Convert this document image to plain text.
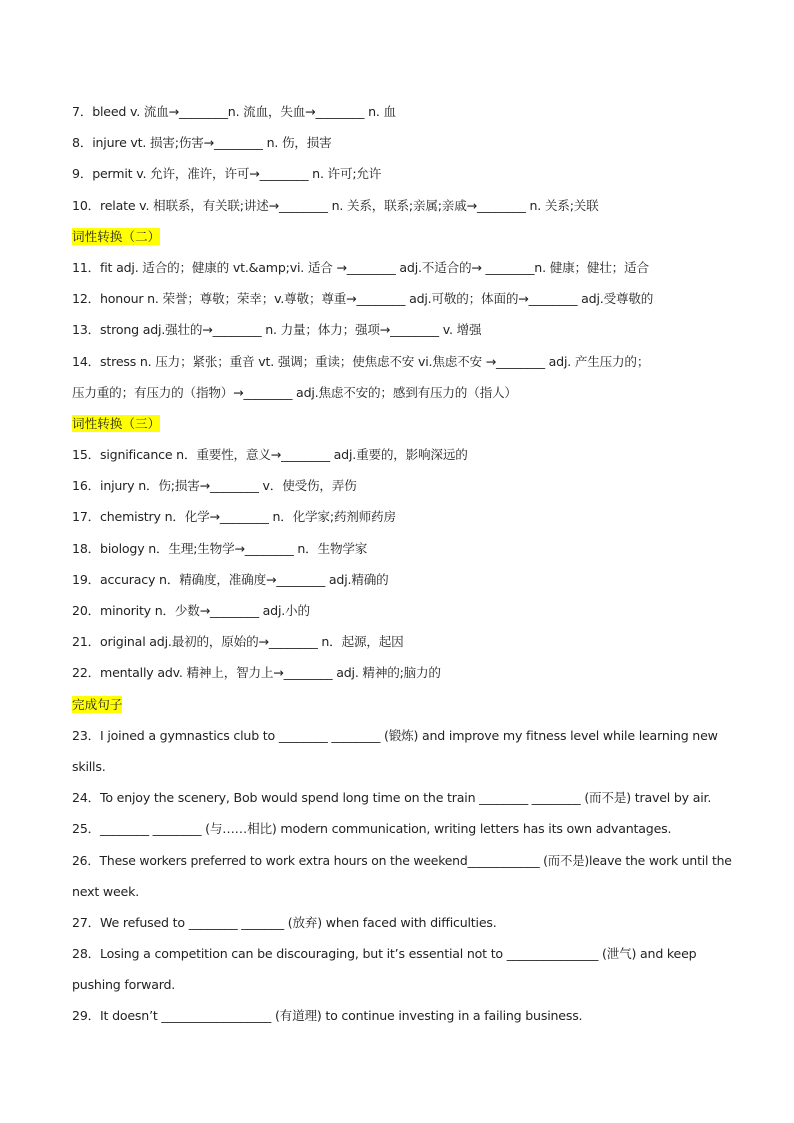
7．bleed v. 流血→________n. 流血，失血→________ n. 血
8．injure vt. 损害;伤害→________ n. 伤，损害
9．permit v. 允许，准许，许可→________ n. 许可;允许
10．relate v. 相联系，有关联;讲述→________ n. 关系，联系;亲属;亲戚→________ n. 关系;关联
词性转换（二）
11．fit adj. 适合的；健康的 vt.&amp;vi. 适合 →________ adj.不适合的→ ________n. 健康；健壮；适合
12．honour n. 荣誉；尊敬；荣幸；v.尊敬；尊重→________ adj.可敬的；体面的→________ adj.受尊敬的
13．strong adj.强壮的→________ n. 力量；体力；强项→________ v. 增强
14．stress n. 压力；紧张；重音 vt. 强调；重读；使焦虑不安 vi.焦虑不安 →________ adj. 产生压力的；
压力重的；有压力的（指物）→________ adj.焦虑不安的；感到有压力的（指人）
词性转换（三）
15．significance n．重要性，意义→________ adj.重要的，影响深远的
16．injury n．伤;损害→________ v．使受伤，弄伤
17．chemistry n．化学→________ n．化学家;药剂师药房
18．biology n．生理;生物学→________ n．生物学家
19．accuracy n．精确度，准确度→________ adj.精确的
20．minority n．少数→________ adj.小的
21．original adj.最初的，原始的→________ n．起源，起因
22．mentally adv. 精神上，智力上→________ adj. 精神的;脑力的
完成句子
23．I joined a gymnastics club to ________ ________ (锻炼) and improve my fitness level while learning new
skills.
24．To enjoy the scenery, Bob would spend long time on the train ________ ________ (而不是) travel by air.
25．________ ________ (与……相比) modern communication, writing letters has its own advantages.
26．These workers preferred to work extra hours on the weekend____________ (而不是)leave the work until the
next week.
27．We refused to ________ _______ (放弃) when faced with difficulties.
28．Losing a competition can be discouraging, but it’s essential not to _______________ (泄气) and keep
pushing forward.
29．It doesn’t __________________ (有道理) to continue investing in a failing business.
